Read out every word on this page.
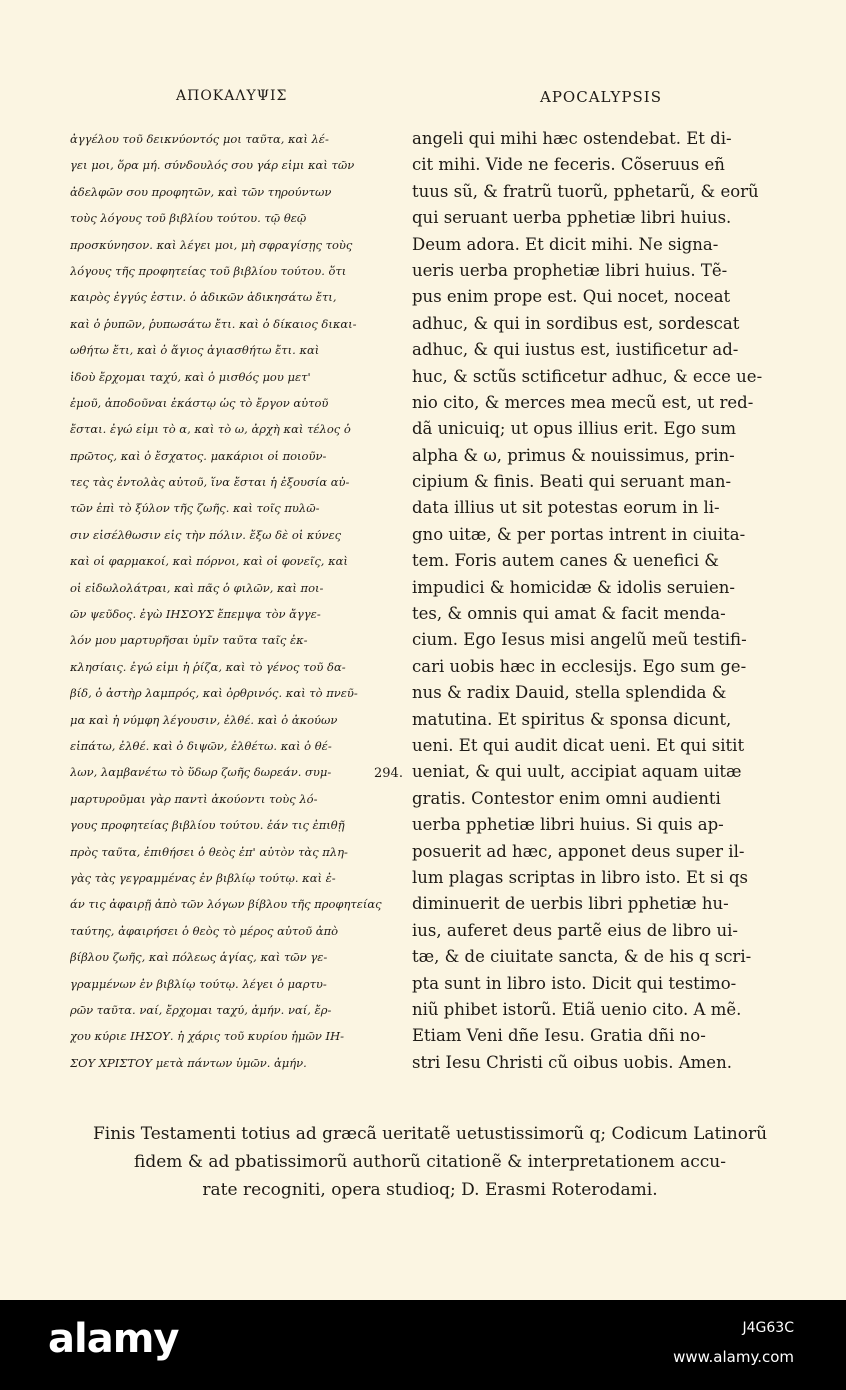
ΑΠΟΚΑΛΥΨΙΣ	APOCALYPSIS
ἀγγέλου τοῦ δεικνύοντός μοι ταῦτα, καὶ λέ-
γει μοι, ὅρα μή. σύνδουλός σου γάρ εἰμι καὶ τῶν
ἀδελφῶν σου προφητῶν, καὶ τῶν τηρούντων
τοὺς λόγους τοῦ βιβλίου τούτου. τῷ θεῷ
προσκύνησον. καὶ λέγει μοι, μὴ σφραγίσῃς τοὺς
λόγους τῆς προφητείας τοῦ βιβλίου τούτου. ὅτι
καιρὸς ἐγγύς ἐστιν. ὁ ἀδικῶν ἀδικησάτω ἔτι,
καὶ ὁ ῥυπῶν, ῥυπωσάτω ἔτι. καὶ ὁ δίκαιος δικαι-
ωθήτω ἔτι, καὶ ὁ ἅγιος ἁγιασθήτω ἔτι. καὶ
ἰδοὺ ἔρχομαι ταχύ, καὶ ὁ μισθός μου μετ'
ἐμοῦ, ἀποδοῦναι ἑκάστῳ ὡς τὸ ἔργον αὐτοῦ
ἔσται. ἐγώ εἰμι τὸ α, καὶ τὸ ω, ἀρχὴ καὶ τέλος ὁ
πρῶτος, καὶ ὁ ἔσχατος. μακάριοι οἱ ποιοῦν-
τες τὰς ἐντολὰς αὐτοῦ, ἵνα ἔσται ἡ ἐξουσία αὐ-
τῶν ἐπὶ τὸ ξύλον τῆς ζωῆς. καὶ τοῖς πυλῶ-
σιν εἰσέλθωσιν εἰς τὴν πόλιν. ἔξω δὲ οἱ κύνες
καὶ οἱ φαρμακοί, καὶ πόρνοι, καὶ οἱ φονεῖς, καὶ
οἱ εἰδωλολάτραι, καὶ πᾶς ὁ φιλῶν, καὶ ποι-
ῶν ψεῦδος. ἐγὼ ΙΗΣΟΥΣ ἔπεμψα τὸν ἄγγε-
λόν μου μαρτυρῆσαι ὑμῖν ταῦτα ταῖς ἐκ-
κλησίαις. ἐγώ εἰμι ἡ ῥίζα, καὶ τὸ γένος τοῦ δα-
βίδ, ὁ ἀστὴρ λαμπρός, καὶ ὀρθρινός. καὶ τὸ πνεῦ-
μα καὶ ἡ νύμφη λέγουσιν, ἐλθέ. καὶ ὁ ἀκούων
εἰπάτω, ἐλθέ. καὶ ὁ διψῶν, ἐλθέτω. καὶ ὁ θέ-
λων, λαμβανέτω τὸ ὕδωρ ζωῆς δωρεάν. συμ-
μαρτυροῦμαι γὰρ παντὶ ἀκούοντι τοὺς λό-
γους προφητείας βιβλίου τούτου. ἐάν τις ἐπιθῇ
πρὸς ταῦτα, ἐπιθήσει ὁ θεὸς ἐπ' αὐτὸν τὰς πλη-
γὰς τὰς γεγραμμένας ἐν βιβλίῳ τούτῳ. καὶ ἐ-
άν τις ἀφαιρῇ ἀπὸ τῶν λόγων βίβλου τῆς προφητείας
ταύτης, ἀφαιρήσει ὁ θεὸς τὸ μέρος αὐτοῦ ἀπὸ
βίβλου ζωῆς, καὶ πόλεως ἁγίας, καὶ τῶν γε-
γραμμένων ἐν βιβλίῳ τούτῳ. λέγει ὁ μαρτυ-
ρῶν ταῦτα. ναί, ἔρχομαι ταχύ, ἀμήν. ναί, ἔρ-
χου κύριε ΙΗΣΟΥ. ἡ χάρις τοῦ κυρίου ἡμῶν ΙΗ-
ΣΟΥ ΧΡΙΣΤΟΥ μετὰ πάντων ὑμῶν. ἀμήν.
angeli qui mihi hæc ostendebat. Et di-
cit mihi. Vide ne feceris. Cõseruus eñ
tuus sũ, & fratrũ tuorũ, pphetarũ, & eorũ
qui seruant uerba pphetiæ libri huius.
Deum adora. Et dicit mihi. Ne signa-
ueris uerba prophetiæ libri huius. Tẽ-
pus enim prope est. Qui nocet, noceat
adhuc, & qui in sordibus est, sordescat
adhuc, & qui iustus est, iustificetur ad-
huc, & sctũs sctificetur adhuc, & ecce ue-
nio cito, & merces mea mecũ est, ut red-
dã unicuiq; ut opus illius erit. Ego sum
alpha & ω, primus & nouissimus, prin-
cipium & finis. Beati qui seruant man-
data illius ut sit potestas eorum in li-
gno uitæ, & per portas intrent in ciuita-
tem. Foris autem canes & uenefici &
impudici & homicidæ & idolis seruien-
tes, & omnis qui amat & facit menda-
cium. Ego Iesus misi angelũ meũ testifi-
cari uobis hæc in ecclesijs. Ego sum ge-
nus & radix Dauid, stella splendida &
matutina. Et spiritus & sponsa dicunt,
ueni. Et qui audit dicat ueni. Et qui sitit
ueniat, & qui uult, accipiat aquam uitæ
gratis. Contestor enim omni audienti
uerba pphetiæ libri huius. Si quis ap-
posuerit ad hæc, apponet deus super il-
lum plagas scriptas in libro isto. Et si qs
diminuerit de uerbis libri pphetiæ hu-
ius, auferet deus partẽ eius de libro ui-
tæ, & de ciuitate sancta, & de his q scri-
pta sunt in libro isto. Dicit qui testimo-
niũ phibet istorũ. Etiã uenio cito. A mẽ.
Etiam Veni dñe Iesu. Gratia dñi no-
stri Iesu Christi cũ oibus uobis. Amen.
294.
Finis Testamenti totius ad græcã ueritatẽ uetustissimorũ q; Codicum Latinorũ
fidem & ad pbatissimorũ authorũ citationẽ & interpretationem accu-
rate recogniti, opera studioq; D. Erasmi Roterodami.
alamy	J4G63C
www.alamy.com
